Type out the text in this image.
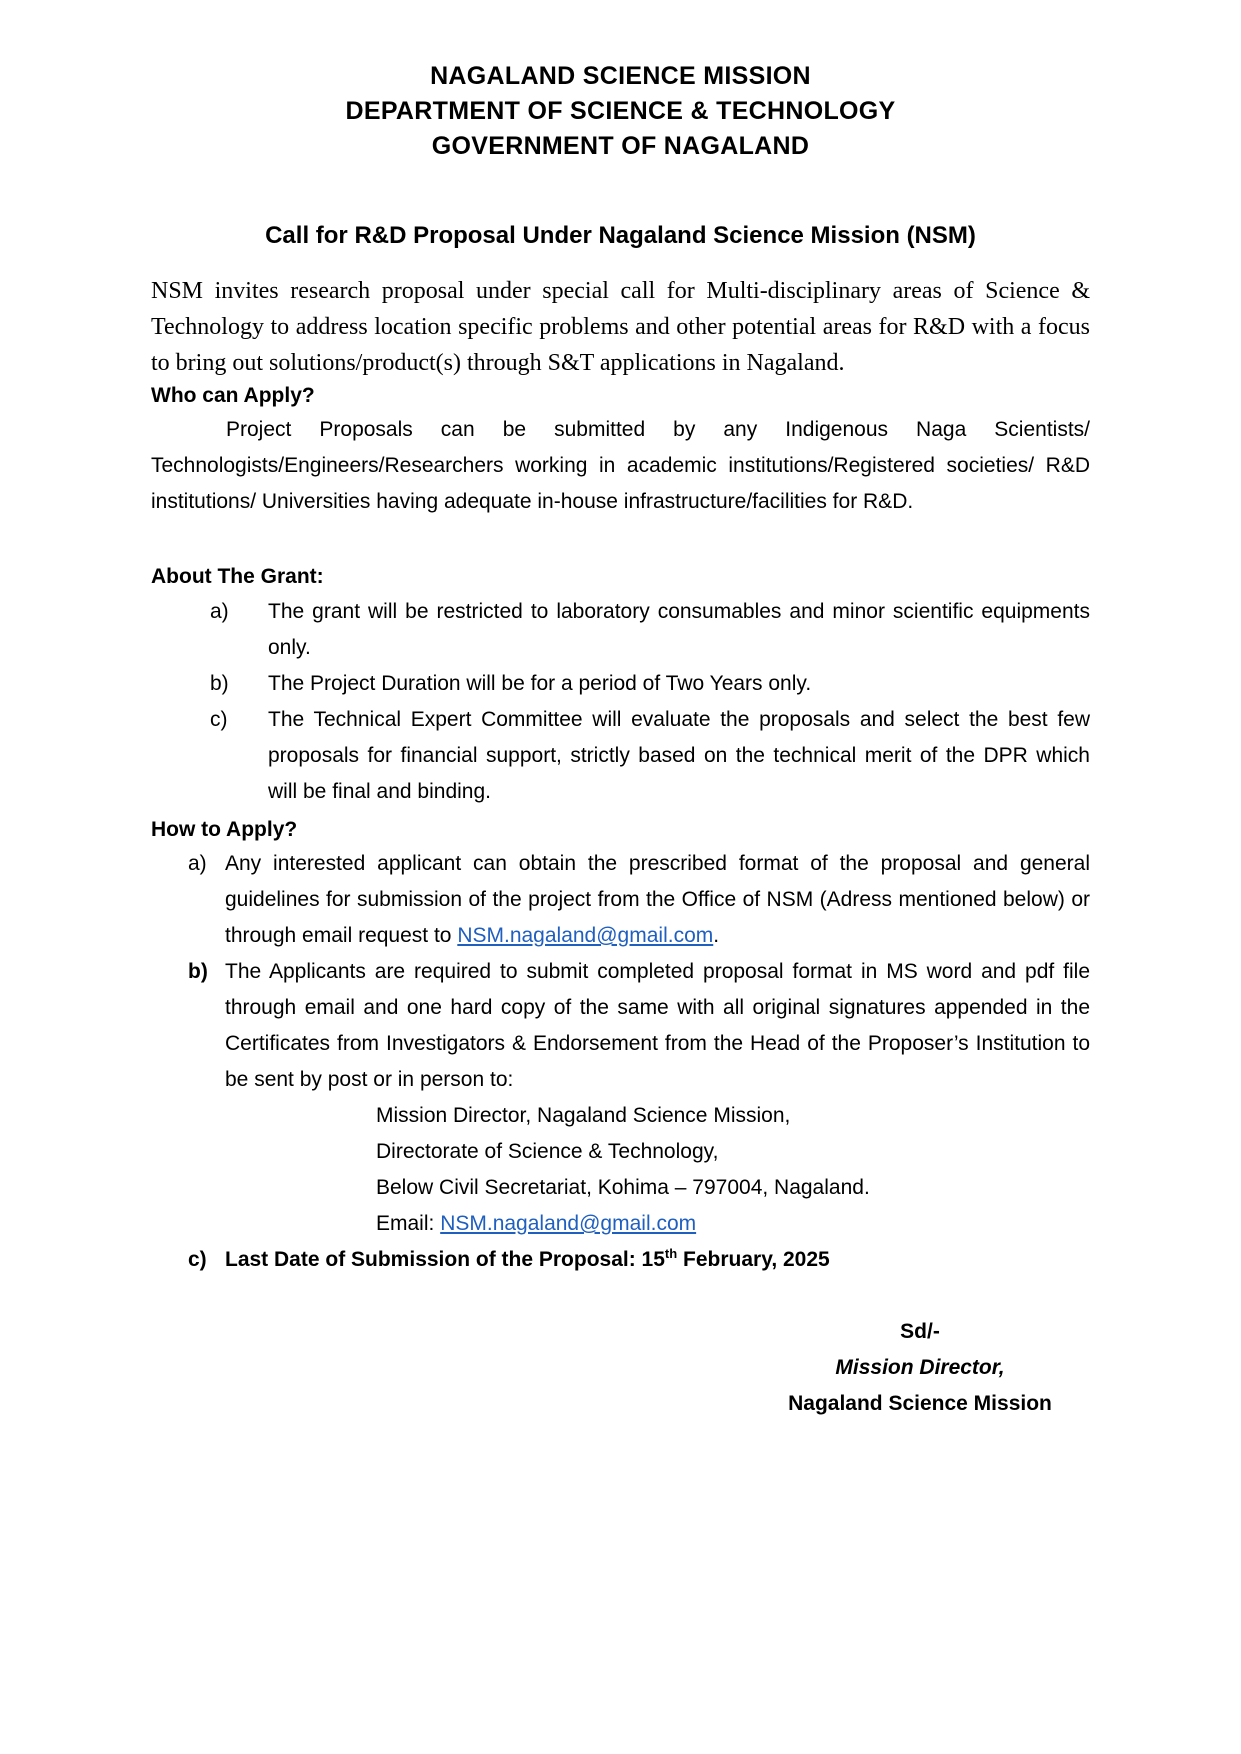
NAGALAND SCIENCE MISSION
DEPARTMENT OF SCIENCE & TECHNOLOGY
GOVERNMENT OF NAGALAND
Call for R&D Proposal Under Nagaland Science Mission (NSM)
NSM invites research proposal under special call for Multi-disciplinary areas of Science & Technology to address location specific problems and other potential areas for R&D with a focus to bring out solutions/product(s) through S&T applications in Nagaland.
Who can Apply?
Project Proposals can be submitted by any Indigenous Naga Scientists/ Technologists/Engineers/Researchers working in academic institutions/Registered societies/ R&D institutions/ Universities having adequate in-house infrastructure/facilities for R&D.
About The Grant:
a) The grant will be restricted to laboratory consumables and minor scientific equipments only.
b) The Project Duration will be for a period of Two Years only.
c) The Technical Expert Committee will evaluate the proposals and select the best few proposals for financial support, strictly based on the technical merit of the DPR which will be final and binding.
How to Apply?
a) Any interested applicant can obtain the prescribed format of the proposal and general guidelines for submission of the project from the Office of NSM (Adress mentioned below) or through email request to NSM.nagaland@gmail.com.
b) The Applicants are required to submit completed proposal format in MS word and pdf file through email and one hard copy of the same with all original signatures appended in the Certificates from Investigators & Endorsement from the Head of the Proposer’s Institution to be sent by post or in person to:
Mission Director, Nagaland Science Mission,
Directorate of Science & Technology,
Below Civil Secretariat, Kohima – 797004, Nagaland.
Email: NSM.nagaland@gmail.com
c) Last Date of Submission of the Proposal: 15th February, 2025
Sd/-
Mission Director,
Nagaland Science Mission
